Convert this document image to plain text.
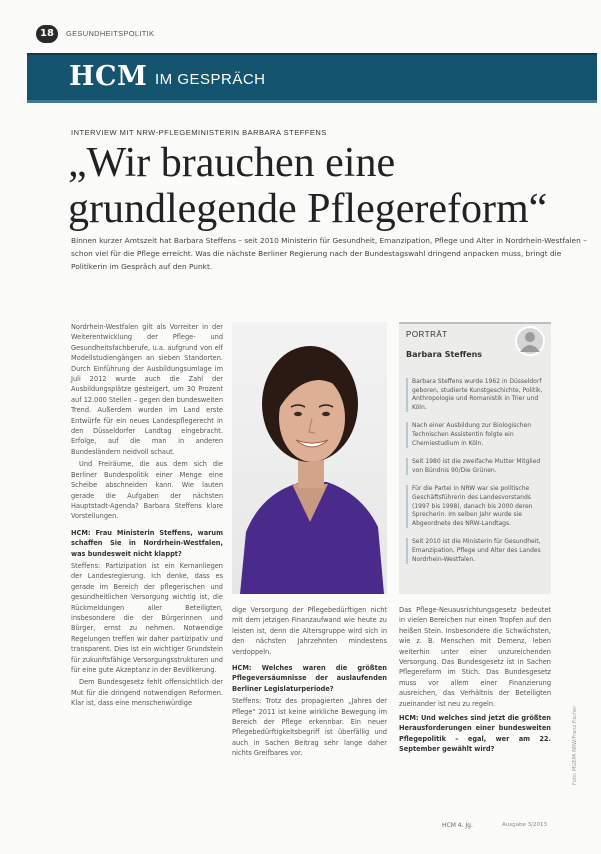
18	GESUNDHEITSPOLITIK
HCM IM GESPRÄCH
INTERVIEW MIT NRW-PFLEGEMINISTERIN BARBARA STEFFENS
„Wir brauchen eine
grundlegende Pflegereform“
Binnen kurzer Amtszeit hat Barbara Steffens – seit 2010 Ministerin für Gesundheit, Emanzipation, Pflege und Alter in Nordrhein-Westfalen – schon viel für die Pflege erreicht. Was die nächste Berliner Regierung nach der Bundestagswahl dringend anpacken muss, bringt die Politikerin im Gespräch auf den Punkt.

Nordrhein-Westfalen gilt als Vorreiter in der Weiterentwicklung der Pflege- und Gesundheitsfachberufe, u.a. aufgrund von elf Modellstudiengängen an sieben Standorten. Durch Einführung der Ausbildungsumlage im Juli 2012 wurde auch die Zahl der Ausbildungsplätze gesteigert, um 30 Prozent auf 12.000 Stellen – gegen den bundesweiten Trend. Außerdem wurden im Land erste Entwürfe für ein neues Landespflegerecht in den Düsseldorfer Landtag eingebracht. Erfolge, auf die man in anderen Bundesländern neidvoll schaut.

Und Freiräume, die aus dem sich die Berliner Bundespolitik einer Menge eine Scheibe abschneiden kann. Wie lauten gerade die Aufgaben der nächsten Hauptstadt-Agenda? Barbara Steffens klare Vorstellungen.

HCM: Frau Ministerin Steffens, warum schaffen Sie in Nordrhein-Westfalen, was bundesweit nicht klappt?

Steffens: Partizipation ist ein Kernanliegen der Landesregierung. Ich denke, dass es gerade im Bereich der pflegerischen und gesundheitlichen Versorgung wichtig ist, die Rückmeldungen aller Beteiligten, insbesondere die der Bürgerinnen und Bürger, ernst zu nehmen. Notwendige Regelungen treffen wir daher partizipativ und transparent. Dies ist ein wichtiger Grundstein für zukunftsfähige Versorgungsstrukturen und für eine gute Akzeptanz in der Bevölkerung.

Dem Bundesgesetz fehlt offensichtlich der Mut für die dringend notwendigen Reformen. Klar ist, dass eine menschenwürdige

PORTRÄT
Barbara Steffens
Barbara Steffens wurde 1962 in Düsseldorf geboren, studierte Kunstgeschichte, Politik, Anthropologie und Romanistik in Trier und Köln.
Nach einer Ausbildung zur Biologischen Technischen Assistentin folgte ein Chemiestudium in Köln.
Seit 1980 ist die zweifache Mutter Mitglied von Bündnis 90/Die Grünen.
Für die Partei in NRW war sie politische Geschäftsführerin des Landesvorstands (1997 bis 1998), danach bis 2000 deren Sprecherin. Im selben Jahr wurde sie Abgeordnete des NRW-Landtags.
Seit 2010 ist die Ministerin für Gesundheit, Emanzipation, Pflege und Alter des Landes Nordrhein-Westfalen.

dige Versorgung der Pflegebedürftigen nicht mit dem jetzigen Finanzaufwand wie heute zu leisten ist, denn die Altersgruppe wird sich in den nächsten Jahrzehnten mindestens verdoppeln.

HCM: Welches waren die größten Pflegeversäumnisse der auslaufenden Berliner Legislaturperiode?

Steffens: Trotz des propagierten „Jahres der Pflege“ 2011 ist keine wirkliche Bewegung im Bereich der Pflege erkennbar. Ein neuer Pflegebedürftigkeitsbegriff ist überfällig und auch in Sachen Beitrag sehr lange daher nichts Greifbares vor.

Das Pflege-Neuausrichtungsgesetz bedeutet in vielen Bereichen nur einen Tropfen auf den heißen Stein. Insbesondere die Schwächsten, wie z. B. Menschen mit Demenz, leben weiterhin unter einer unzureichenden Versorgung. Das Bundesgesetz ist in Sachen Pflegereform im Stich. Das Bundesgesetz muss vor allem einer Finanzierung ausreichen, das Verhältnis der Beteiligten zueinander ist neu zu regeln.

HCM: Und welches sind jetzt die größten Herausforderungen einer bundesweiten Pflegepolitik – egal, wer am 22. September gewählt wird?	Foto: MGEPA NRW/Franz Fischer
HCM 4. Jg.	Ausgabe 3/2013
